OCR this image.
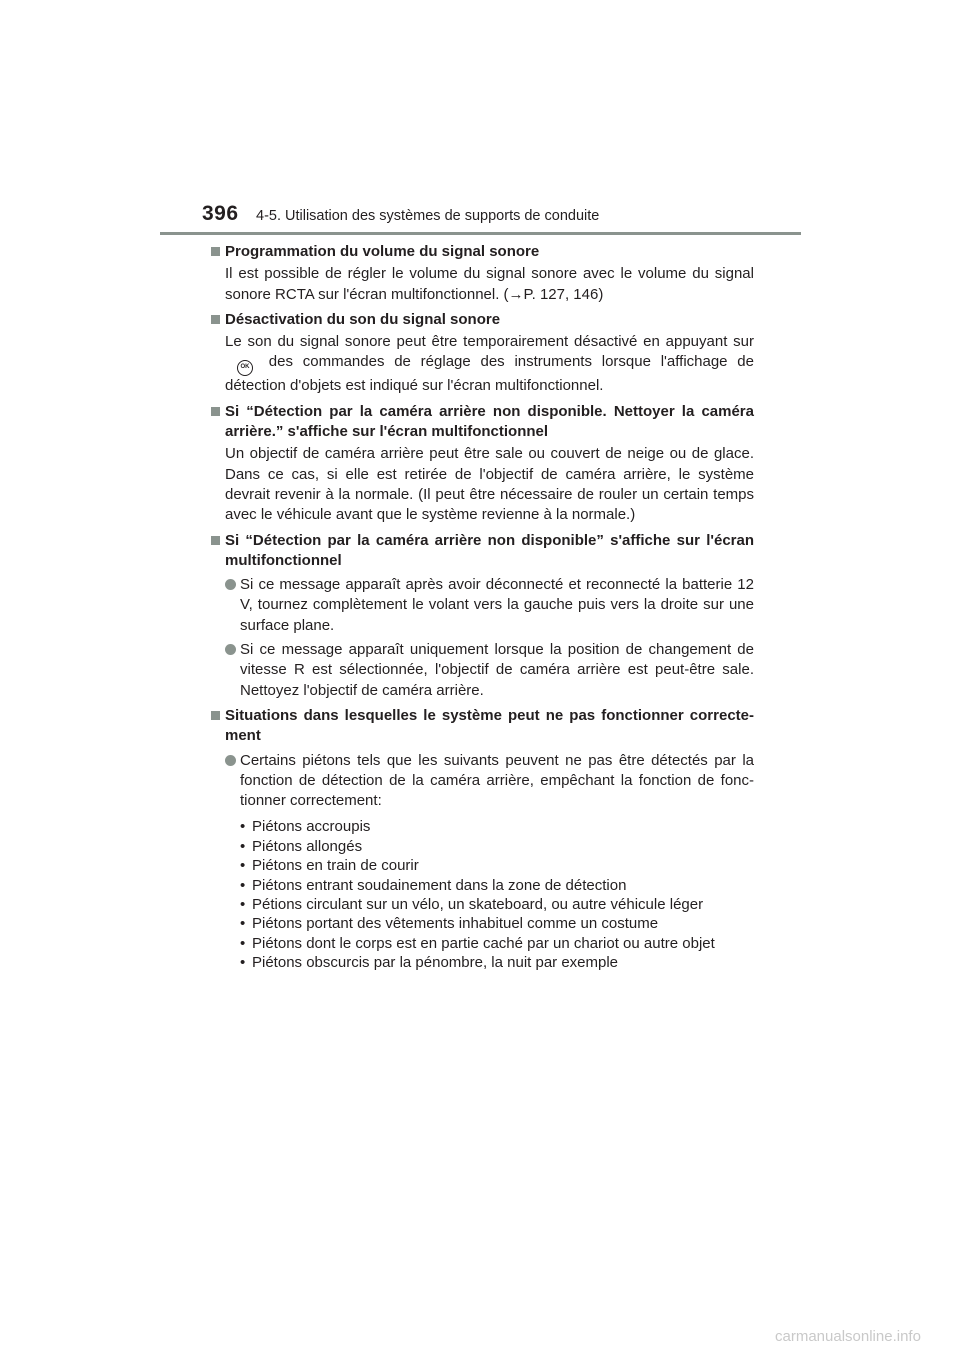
396 4-5. Utilisation des systèmes de supports de conduite
Programmation du volume du signal sonore
Il est possible de régler le volume du signal sonore avec le volume du signal sonore RCTA sur l'écran multifonctionnel. (→P. 127, 146)
Désactivation du son du signal sonore
Le son du signal sonore peut être temporairement désactivé en appuyant sur OK des commandes de réglage des instruments lorsque l'affichage de détection d'objets est indiqué sur l'écran multifonctionnel.
Si “Détection par la caméra arrière non disponible. Nettoyer la caméra arrière.” s'affiche sur l'écran multifonctionnel
Un objectif de caméra arrière peut être sale ou couvert de neige ou de glace. Dans ce cas, si elle est retirée de l'objectif de caméra arrière, le système devrait revenir à la normale. (Il peut être nécessaire de rouler un certain temps avec le véhicule avant que le système revienne à la normale.)
Si “Détection par la caméra arrière non disponible” s'affiche sur l'écran multifonctionnel
Si ce message apparaît après avoir déconnecté et reconnecté la batterie 12 V, tournez complètement le volant vers la gauche puis vers la droite sur une surface plane.
Si ce message apparaît uniquement lorsque la position de changement de vitesse R est sélectionnée, l'objectif de caméra arrière est peut-être sale. Nettoyez l'objectif de caméra arrière.
Situations dans lesquelles le système peut ne pas fonctionner correcte-ment
Certains piétons tels que les suivants peuvent ne pas être détectés par la fonction de détection de la caméra arrière, empêchant la fonction de fonc-tionner correctement:
• Piétons accroupis
• Piétons allongés
• Piétons en train de courir
• Piétons entrant soudainement dans la zone de détection
• Pétions circulant sur un vélo, un skateboard, ou autre véhicule léger
• Piétons portant des vêtements inhabituel comme un costume
• Piétons dont le corps est en partie caché par un chariot ou autre objet
• Piétons obscurcis par la pénombre, la nuit par exemple
carmanualsonline.info
